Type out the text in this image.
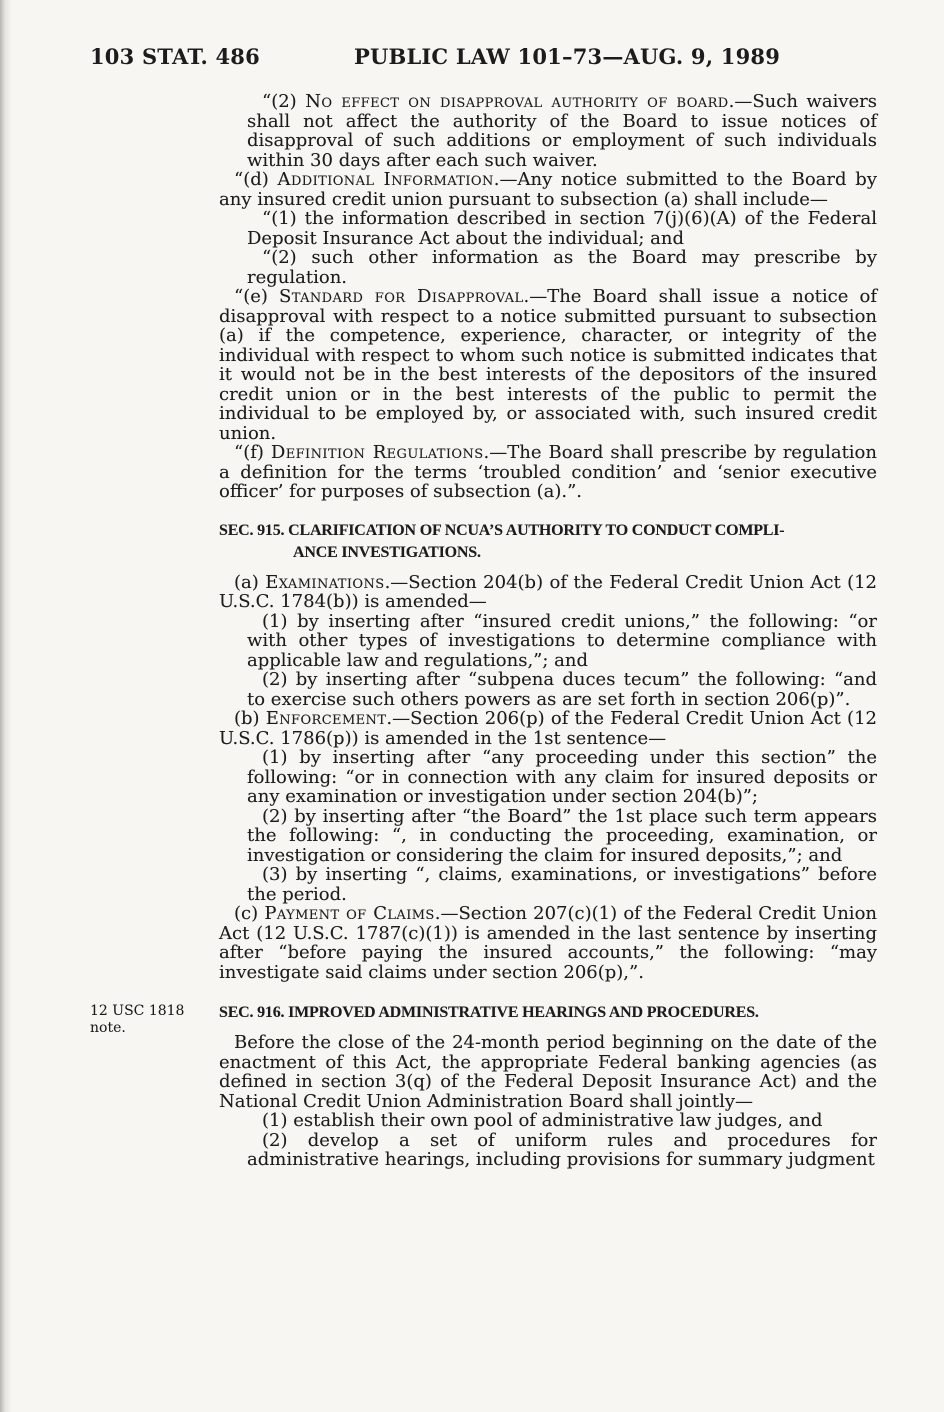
103 STAT. 486	PUBLIC LAW 101–73—AUG. 9, 1989

“(2) No effect on disapproval authority of board.—Such waivers shall not affect the authority of the Board to issue notices of disapproval of such additions or employment of such individuals within 30 days after each such waiver.

“(d) Additional Information.—Any notice submitted to the Board by any insured credit union pursuant to subsection (a) shall include—

“(1) the information described in section 7(j)(6)(A) of the Federal Deposit Insurance Act about the individual; and

“(2) such other information as the Board may prescribe by regulation.

“(e) Standard for Disapproval.—The Board shall issue a notice of disapproval with respect to a notice submitted pursuant to subsection (a) if the competence, experience, character, or integrity of the individual with respect to whom such notice is submitted indicates that it would not be in the best interests of the depositors of the insured credit union or in the best interests of the public to permit the individual to be employed by, or associated with, such insured credit union.

“(f) Definition Regulations.—The Board shall prescribe by regulation a definition for the terms ‘troubled condition’ and ‘senior executive officer’ for purposes of subsection (a).”.

SEC. 915. CLARIFICATION OF NCUA’S AUTHORITY TO CONDUCT COMPLI-
ANCE INVESTIGATIONS.

(a) Examinations.—Section 204(b) of the Federal Credit Union Act (12 U.S.C. 1784(b)) is amended—

(1) by inserting after “insured credit unions,” the following: “or with other types of investigations to determine compliance with applicable law and regulations,”; and

(2) by inserting after “subpena duces tecum” the following: “and to exercise such others powers as are set forth in section 206(p)”.

(b) Enforcement.—Section 206(p) of the Federal Credit Union Act (12 U.S.C. 1786(p)) is amended in the 1st sentence—

(1) by inserting after “any proceeding under this section” the following: “or in connection with any claim for insured deposits or any examination or investigation under section 204(b)”;

(2) by inserting after “the Board” the 1st place such term appears the following: “, in conducting the proceeding, examination, or investigation or considering the claim for insured deposits,”; and

(3) by inserting “, claims, examinations, or investigations” before the period.

(c) Payment of Claims.—Section 207(c)(1) of the Federal Credit Union Act (12 U.S.C. 1787(c)(1)) is amended in the last sentence by inserting after “before paying the insured accounts,” the following: “may investigate said claims under section 206(p),”.

12 USC 1818
note.

SEC. 916. IMPROVED ADMINISTRATIVE HEARINGS AND PROCEDURES.

Before the close of the 24-month period beginning on the date of the enactment of this Act, the appropriate Federal banking agencies (as defined in section 3(q) of the Federal Deposit Insurance Act) and the National Credit Union Administration Board shall jointly—

(1) establish their own pool of administrative law judges, and

(2) develop a set of uniform rules and procedures for administrative hearings, including provisions for summary judgment
